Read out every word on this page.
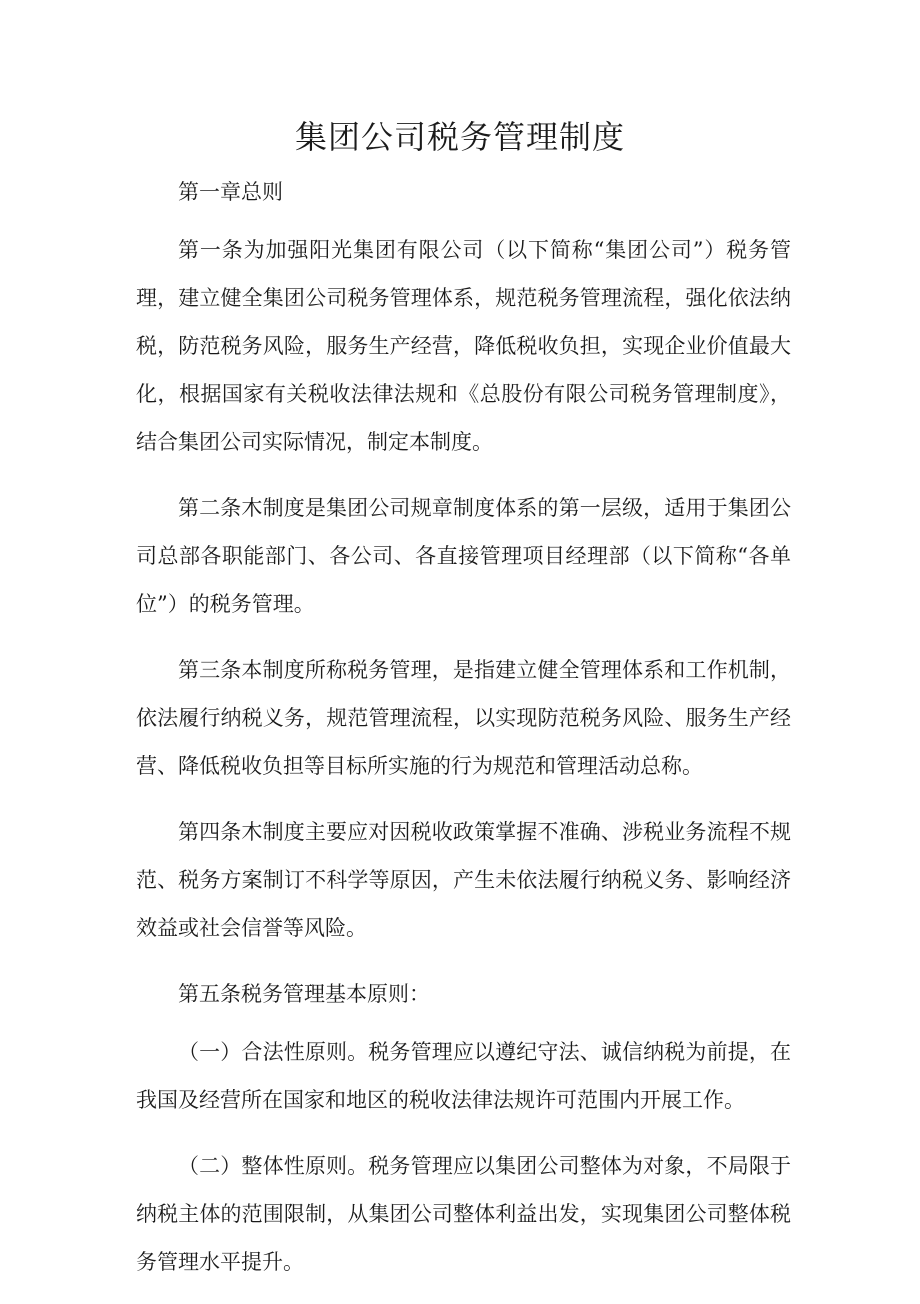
集团公司税务管理制度

第一章总则

第一条为加强阳光集团有限公司（以下简称“集团公司”）税务管理，建立健全集团公司税务管理体系，规范税务管理流程，强化依法纳税，防范税务风险，服务生产经营，降低税收负担，实现企业价值最大化，根据国家有关税收法律法规和《总股份有限公司税务管理制度》，结合集团公司实际情况，制定本制度。

第二条木制度是集团公司规章制度体系的第一层级，适用于集团公司总部各职能部门、各公司、各直接管理项目经理部（以下简称“各单位”）的税务管理。

第三条本制度所称税务管理，是指建立健全管理体系和工作机制，依法履行纳税义务，规范管理流程，以实现防范税务风险、服务生产经营、降低税收负担等目标所实施的行为规范和管理活动总称。

第四条木制度主要应对因税收政策掌握不准确、涉税业务流程不规范、税务方案制订不科学等原因，产生未依法履行纳税义务、影响经济效益或社会信誉等风险。

第五条税务管理基本原则：

（一）合法性原则。税务管理应以遵纪守法、诚信纳税为前提，在我国及经营所在国家和地区的税收法律法规许可范围内开展工作。

（二）整体性原则。税务管理应以集团公司整体为对象，不局限于纳税主体的范围限制，从集团公司整体利益出发，实现集团公司整体税务管理水平提升。
